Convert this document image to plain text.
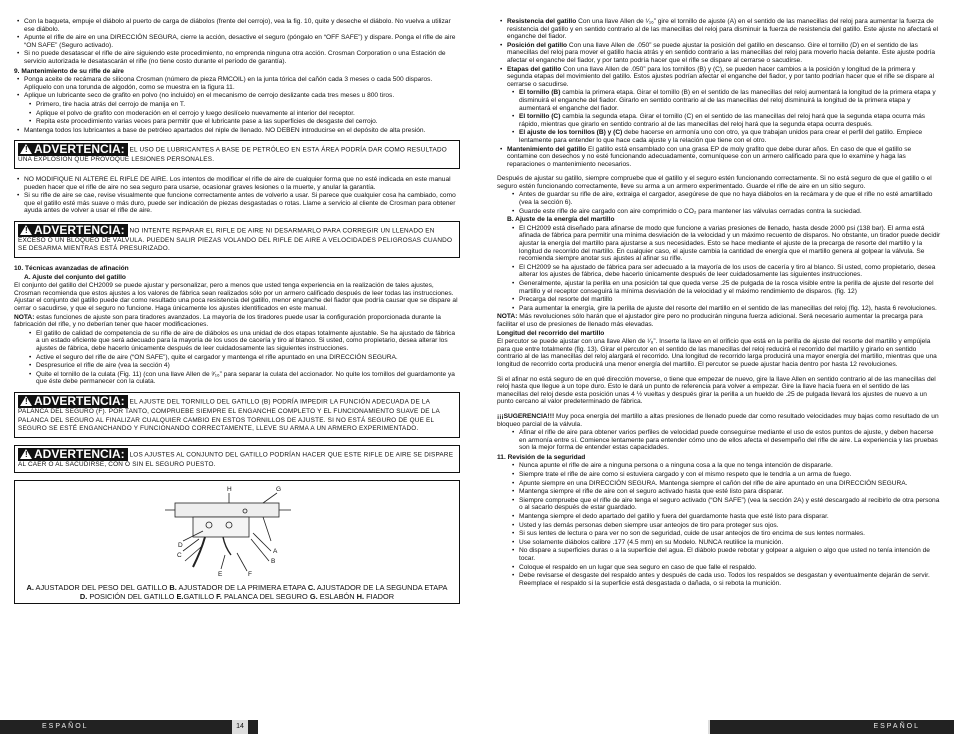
• Con la baqueta, empuje el diábolo al puerto de carga de diábolos (frente del cerrojo), vea la fig. 10, quite y deseche el diábolo. No vuelva a utilizar ese diábolo.

• Apunte el rifle de aire en una DIRECCIÓN SEGURA, cierre la acción, desactive el seguro (póngalo en “OFF SAFE”) y dispare. Ponga el rifle de aire “ON SAFE” (Seguro activado).

• Si no puede desatascar el rifle de aire siguiendo este procedimiento, no emprenda ninguna otra acción. Crosman Corporation o una Estación de servicio autorizada le desatascarán el rifle (no tiene costo durante el período de garantía).

9. Mantenimiento de su rifle de aire

• Ponga aceite de recámara de silicona Crosman (número de pieza RMCOIL) en la junta tórica del cañón cada 3 meses o cada 500 disparos. Aplíquelo con una torunda de algodón, como se muestra en la figura 11.

• Aplique un lubricante seco de grafito en polvo (no incluido) en el mecanismo de cerrojo deslizante cada tres meses u 800 tiros.

• Primero, tire hacia atrás del cerrojo de manija en T.

• Aplique el polvo de grafito con moderación en el cerrojo y luego deslícelo nuevamente al interior del receptor.

• Repita este procedimiento varias veces para permitir que el lubricante pase a las superficies de desgaste del cerrojo.

• Mantenga todos los lubricantes a base de petróleo apartados del niple de llenado. NO DEBEN introducirse en el depósito de alta presión.

! ADVERTENCIA: EL USO DE LUBRICANTES A BASE DE PETRÓLEO EN ESTA ÁREA PODRÍA DAR COMO RESULTADO UNA EXPLOSIÓN QUE PROVOQUE LESIONES PERSONALES.

• NO MODIFIQUE NI ALTERE EL RIFLE DE AIRE. Los intentos de modificar el rifle de aire de cualquier forma que no esté indicada en este manual pueden hacer que el rifle de aire no sea seguro para usarse, ocasionar graves lesiones o la muerte, y anular la garantía.

• Si su rifle de aire se cae, revise visualmente que funcione correctamente antes de volverlo a usar. Si parece que cualquier cosa ha cambiado, como que el gatillo esté más suave o más duro, puede ser indicación de piezas desgastadas o rotas. Llame a servicio al cliente de Crosman para obtener ayuda antes de volver a usar el rifle de aire.

! ADVERTENCIA: NO INTENTE REPARAR EL RIFLE DE AIRE NI DESARMARLO PARA CORREGIR UN LLENADO EN EXCESO O UN BLOQUEO DE VÁLVULA. PUEDEN SALIR PIEZAS VOLANDO DEL RIFLE DE AIRE A VELOCIDADES PELIGROSAS CUANDO SE DESARMA MIENTRAS ESTÁ PRESURIZADO.

10. Técnicas avanzadas de afinación

A. Ajuste del conjunto del gatillo

El conjunto del gatillo del CH2009 se puede ajustar y personalizar, pero a menos que usted tenga experiencia en la realización de tales ajustes, Crosman recomienda que estos ajustes a los valores de fábrica sean realizados sólo por un armero calificado después de leer todas las instrucciones. Ajustar el conjunto del gatillo puede dar como resultado una poca resistencia del gatillo, menor enganche del fiador que podría causar que se dispare al cerrar o sacudirse, y que el seguro no funcione. Haga únicamente los ajustes identificados en este manual.

NOTA: estas funciones de ajuste son para tiradores avanzados. La mayoría de los tiradores puede usar la configuración proporcionada durante la fabricación del rifle, y no deberían tener que hacer modificaciones.

• El gatillo de calidad de competencia de su rifle de aire de diábolos es una unidad de dos etapas totalmente ajustable. Se ha ajustado de fábrica a un estado eficiente que será adecuado para la mayoría de los usos de cacería y tiro al blanco. Si usted, como propietario, desea alterar los ajustes de fábrica, debe hacerlo únicamente después de leer cuidadosamente las siguientes instrucciones.

• Active el seguro del rifle de aire (“ON SAFE”), quite el cargador y mantenga el rifle apuntado en una DIRECCIÓN SEGURA.

• Despresurice el rifle de aire (vea la sección 4)

• Quite el tornillo de la culata (Fig. 11) (con una llave Allen de ³⁄₁₆” para separar la culata del accionador. No quite los tornillos del guardamonte ya que éste debe permanecer con la culata.

! ADVERTENCIA: EL AJUSTE DEL TORNILLO DEL GATILLO (B) PODRÍA IMPEDIR LA FUNCIÓN ADECUADA DE LA PALANCA DEL SEGURO (F). POR TANTO, COMPRUEBE SIEMPRE EL ENGANCHE COMPLETO Y EL FUNCIONAMIENTO SUAVE DE LA PALANCA DEL SEGURO AL FINALIZAR CUALQUIER CAMBIO EN ESTOS TORNILLOS DE AJUSTE. SI NO ESTÁ SEGURO DE QUE EL SEGURO SE ESTÉ ENGANCHANDO Y FUNCIONANDO CORRECTAMENTE, LLEVE SU ARMA A UN ARMERO EXPERIMENTADO.
! ADVERTENCIA: LOS AJUSTES AL CONJUNTO DEL GATILLO PODRÍAN HACER QUE ESTE RIFLE DE AIRE SE DISPARE AL CAER O AL SACUDIRSE, CON O SIN EL SEGURO PUESTO.
H	G
A
B
C
D
E	F
A. AJUSTADOR DEL PESO DEL GATILLO B. AJUSTADOR DE LA PRIMERA ETAPA C. AJUSTADOR DE LA SEGUNDA ETAPA
D. POSICIÓN DEL GATILLO E.GATILLO F. PALANCA DEL SEGURO G. ESLABÓN H. FIADOR
ESPAÑOL	14

• Resistencia del gatillo Con una llave Allen de ¹⁄₁₆” gire el tornillo de ajuste (A) en el sentido de las manecillas del reloj para aumentar la fuerza de resistencia del gatillo y en sentido contrario al de las manecillas del reloj para disminuir la fuerza de resistencia del gatillo. Este ajuste no afectará el enganche del fiador.

• Posición del gatillo Con una llave Allen de .050” se puede ajustar la posición del gatillo en descanso. Gire el tornillo (D) en el sentido de las manecillas del reloj para mover el gatillo hacia atrás y en sentido contrario a las manecillas del reloj para moverlo hacia delante. Este ajuste podría afectar el enganche del fiador, y por tanto podría hacer que el rifle se dispare al cerrarse o sacudirse.

• Etapas del gatillo Con una llave Allen de .050” para los tornillos (B) y (C), se pueden hacer cambios a la posición y longitud de la primera y segunda etapas del movimiento del gatillo. Estos ajustes podrían afectar el enganche del fiador, y por tanto podrían hacer que el rifle se dispare al cerrarse o sacudirse.

• El tornillo (B) cambia la primera etapa. Girar el tornillo (B) en el sentido de las manecillas del reloj aumentará la longitud de la primera etapa y disminuirá el enganche del fiador. Girarlo en sentido contrario al de las manecillas del reloj disminuirá la longitud de la primera etapa y aumentará el enganche del fiador.

• El tornillo (C) cambia la segunda etapa. Girar el tornillo (C) en el sentido de las manecillas del reloj hará que la segunda etapa ocurra más rápido, mientras que girarlo en sentido contrario al de las manecillas del reloj hará que la segunda etapa ocurra después.

• El ajuste de los tornillos (B) y (C) debe hacerse en armonía uno con otro, ya que trabajan unidos para crear el perfil del gatillo. Empiece lentamente para entender lo que hace cada ajuste y la relación que tiene con el otro.

• Mantenimiento del gatillo El gatillo está ensamblado con una grasa EP de moly grafito que debe durar años. En caso de que el gatillo se contamine con desechos y no esté funcionando adecuadamente, comuníquese con un armero calificado para que lo examine y haga las reparaciones o mantenimiento necesarios.

Después de ajustar su gatillo, siempre compruebe que el gatillo y el seguro estén funcionando correctamente. Si no está seguro de que el gatillo o el seguro estén funcionando correctamente, lleve su arma a un armero experimentado. Guarde el rifle de aire en un sitio seguro.

• Antes de guardar su rifle de aire, extraiga el cargador, asegúrese de que no haya diábolos en la recámara y de que el rifle no esté amartillado (vea la sección 6).

• Guarde este rifle de aire cargado con aire comprimido o CO₂ para mantener las válvulas cerradas contra la suciedad.

B. Ajuste de la energía del martillo

• El CH2009 está diseñado para afinarse de modo que funcione a varias presiones de llenado, hasta desde 2000 psi (138 bar). El arma está afinada de fábrica para permitir una mínima desviación de la velocidad y un máximo recuento de disparos. No obstante, un tirador puede decidir ajustar la energía del martillo para ajustarse a sus necesidades. Esto se hace mediante el ajuste de la precarga de resorte del martillo y la longitud de recorrido del martillo. En cualquier caso, el ajuste cambia la cantidad de energía que el martillo genera al golpear la válvula. Se recomienda siempre anotar sus ajustes al afinar su rifle.

• El CH2009 se ha ajustado de fábrica para ser adecuado a la mayoría de los usos de cacería y tiro al blanco. Si usted, como propietario, desea alterar los ajustes de fábrica, debe hacerlo únicamente después de leer cuidadosamente las siguientes instrucciones.

• Generalmente, ajustar la perilla en una posición tal que queda verse .25 de pulgada de la rosca visible entre la perilla de ajuste del resorte del martillo y el receptor conseguirá la mínima desviación de la velocidad y el máximo rendimiento de disparos. (fig. 12)

• Precarga del resorte del martillo

• Para aumentar la energía, gire la perilla de ajuste del resorte del martillo en el sentido de las manecillas del reloj (fig. 12), hasta 6 revoluciones.

NOTA: Más revoluciones sólo harán que el ajustador gire pero no producirán ninguna fuerza adicional. Será necesario aumentar la precarga para facilitar el uso de presiones de llenado más elevadas.

Longitud del recorrido del martillo

El percutor se puede ajustar con una llave Allen de ¹⁄₈”. Inserte la llave en el orificio que está en la perilla de ajuste del resorte del martillo y empújela para que entre totalmente (fig. 13). Girar el percutor en el sentido de las manecillas del reloj reducirá el recorrido del martillo y girarlo en sentido contrario al de las manecillas del reloj alargará el recorrido. Una longitud de recorrido larga producirá una mayor energía del martillo, mientras que una longitud de recorrido corta producirá una menor energía del martillo. El percutor se puede ajustar hacia dentro por hasta 12 revoluciones.

Si el afinar no está seguro de en qué dirección moverse, o tiene que empezar de nuevo, gire la llave Allen en sentido contrario al de las manecillas del reloj hasta que llegue a un tope duro. Esto le dará un punto de referencia para volver a empezar. Gire la llave hacia fuera en el sentido de las manecillas del reloj desde esta posición unas 4 ½ vueltas y después girar la perilla a un hueldo de .25 de pulgada llevará los ajustes de nuevo a un punto cercano al valor predeterminado de fábrica.

¡¡¡SUGERENCIA!!! Muy poca energía del martillo a altas presiones de llenado puede dar como resultado velocidades muy bajas como resultado de un bloqueo parcial de la válvula.

• Afinar el rifle de aire para obtener varios perfiles de velocidad puede conseguirse mediante el uso de estos puntos de ajuste, y deben hacerse en armonía entre sí. Comience lentamente para entender cómo uno de ellos afecta el desempeño del rifle de aire. La experiencia y las pruebas son la mejor forma de entender estas capacidades.

11. Revisión de la seguridad

• Nunca apunte el rifle de aire a ninguna persona o a ninguna cosa a la que no tenga intención de dispararle.

• Siempre trate el rifle de aire como si estuviera cargado y con el mismo respeto que le tendría a un arma de fuego.

• Apunte siempre en una DIRECCIÓN SEGURA. Mantenga siempre el cañón del rifle de aire apuntado en una DIRECCIÓN SEGURA.

• Mantenga siempre el rifle de aire con el seguro activado hasta que esté listo para disparar.

• Siempre compruebe que el rifle de aire tenga el seguro activado (“ON SAFE”) (vea la sección 2A) y esté descargado al recibirlo de otra persona o al sacarlo después de estar guardado.

• Mantenga siempre el dedo apartado del gatillo y fuera del guardamonte hasta que esté listo para disparar.

• Usted y las demás personas deben siempre usar anteojos de tiro para proteger sus ojos.

• Si sus lentes de lectura o para ver no son de seguridad, cuide de usar anteojos de tiro encima de sus lentes normales.

• Use solamente diábolos calibre .177 (4.5 mm) en su Modelo. NUNCA reutilice la munición.

• No dispare a superficies duras o a la superficie del agua. El diábolo puede rebotar y golpear a alguien o algo que usted no tenía intención de tocar.

• Coloque el respaldo en un lugar que sea seguro en caso de que falle el respaldo.

• Debe revisarse el desgaste del respaldo antes y después de cada uso. Todos los respaldos se desgastan y eventualmente dejarán de servir. Reemplace el respaldo si la superficie está desgastada o dañada, o si rebota la munición.

ESPAÑOL
